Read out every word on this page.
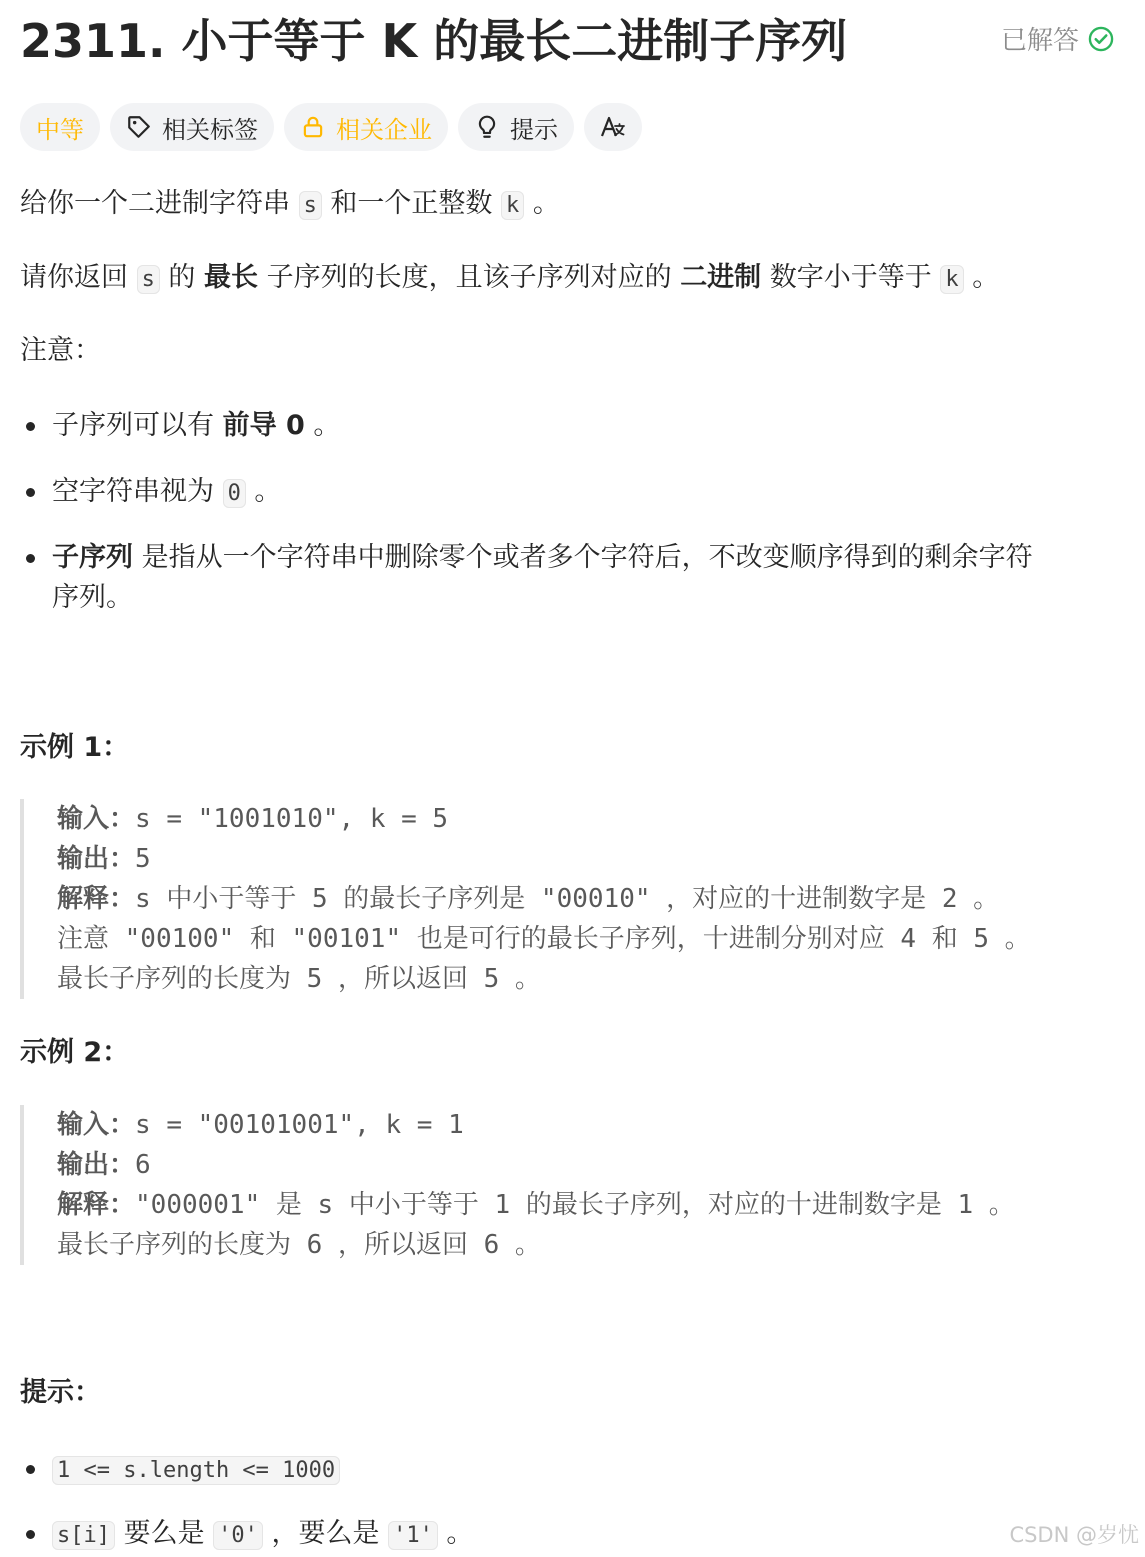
2311. 小于等于 K 的最长二进制子序列	已解答
中等	相关标签	相关企业	提示
给你一个二进制字符串 s 和一个正整数 k 。
请你返回 s 的 最长 子序列的长度，且该子序列对应的 二进制 数字小于等于 k 。
注意：
子序列可以有 前导 0 。
空字符串视为 0 。
子序列 是指从一个字符串中删除零个或者多个字符后，不改变顺序得到的剩余字符
序列。
示例 1：
输入：s = "1001010", k = 5
输出：5
解释：s 中小于等于 5 的最长子序列是 "00010" ，对应的十进制数字是 2 。
注意 "00100" 和 "00101" 也是可行的最长子序列，十进制分别对应 4 和 5 。
最长子序列的长度为 5 ，所以返回 5 。
示例 2：
输入：s = "00101001", k = 1
输出：6
解释："000001" 是 s 中小于等于 1 的最长子序列，对应的十进制数字是 1 。
最长子序列的长度为 6 ，所以返回 6 。
提示：
1 <= s.length <= 1000
s[i] 要么是 '0' ，要么是 '1' 。	CSDN @岁忧
